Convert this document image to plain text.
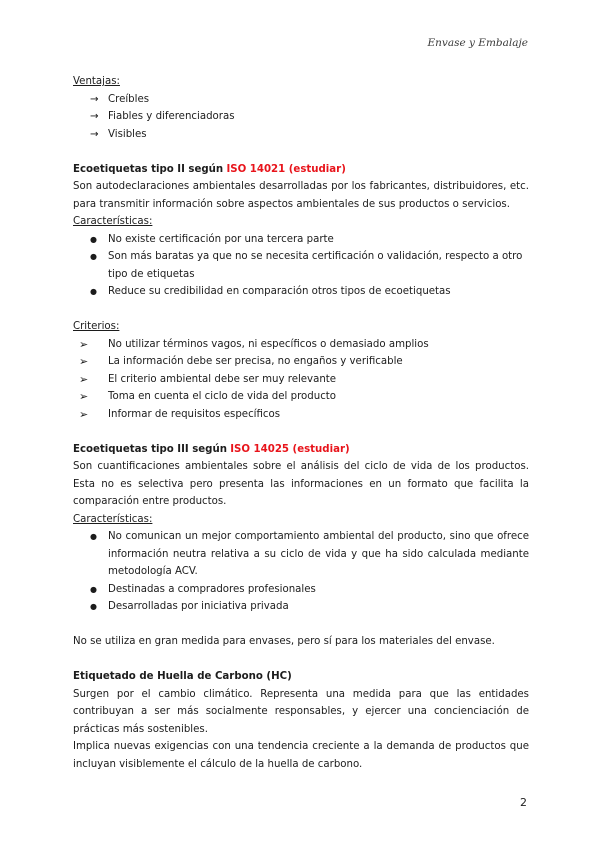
Envase y Embalaje
Ventajas:
→ Creíbles
→ Fiables y diferenciadoras
→ Visibles
Ecoetiquetas tipo II según ISO 14021 (estudiar)
Son autodeclaraciones ambientales desarrolladas por los fabricantes, distribuidores, etc. para transmitir información sobre aspectos ambientales de sus productos o servicios.
Características:
● No existe certificación por una tercera parte
● Son más baratas ya que no se necesita certificación o validación, respecto a otro tipo de etiquetas
● Reduce su credibilidad en comparación otros tipos de ecoetiquetas
Criterios:
➢ No utilizar términos vagos, ni específicos o demasiado amplios
➢ La información debe ser precisa, no engaños y verificable
➢ El criterio ambiental debe ser muy relevante
➢ Toma en cuenta el ciclo de vida del producto
➢ Informar de requisitos específicos
Ecoetiquetas tipo III según ISO 14025 (estudiar)
Son cuantificaciones ambientales sobre el análisis del ciclo de vida de los productos. Esta no es selectiva pero presenta las informaciones en un formato que facilita la comparación entre productos.
Características:
● No comunican un mejor comportamiento ambiental del producto, sino que ofrece información neutra relativa a su ciclo de vida y que ha sido calculada mediante metodología ACV.
● Destinadas a compradores profesionales
● Desarrolladas por iniciativa privada
No se utiliza en gran medida para envases, pero sí para los materiales del envase.
Etiquetado de Huella de Carbono (HC)
Surgen por el cambio climático. Representa una medida para que las entidades contribuyan a ser más socialmente responsables, y ejercer una concienciación de prácticas más sostenibles.
Implica nuevas exigencias con una tendencia creciente a la demanda de productos que incluyan visiblemente el cálculo de la huella de carbono.
2
